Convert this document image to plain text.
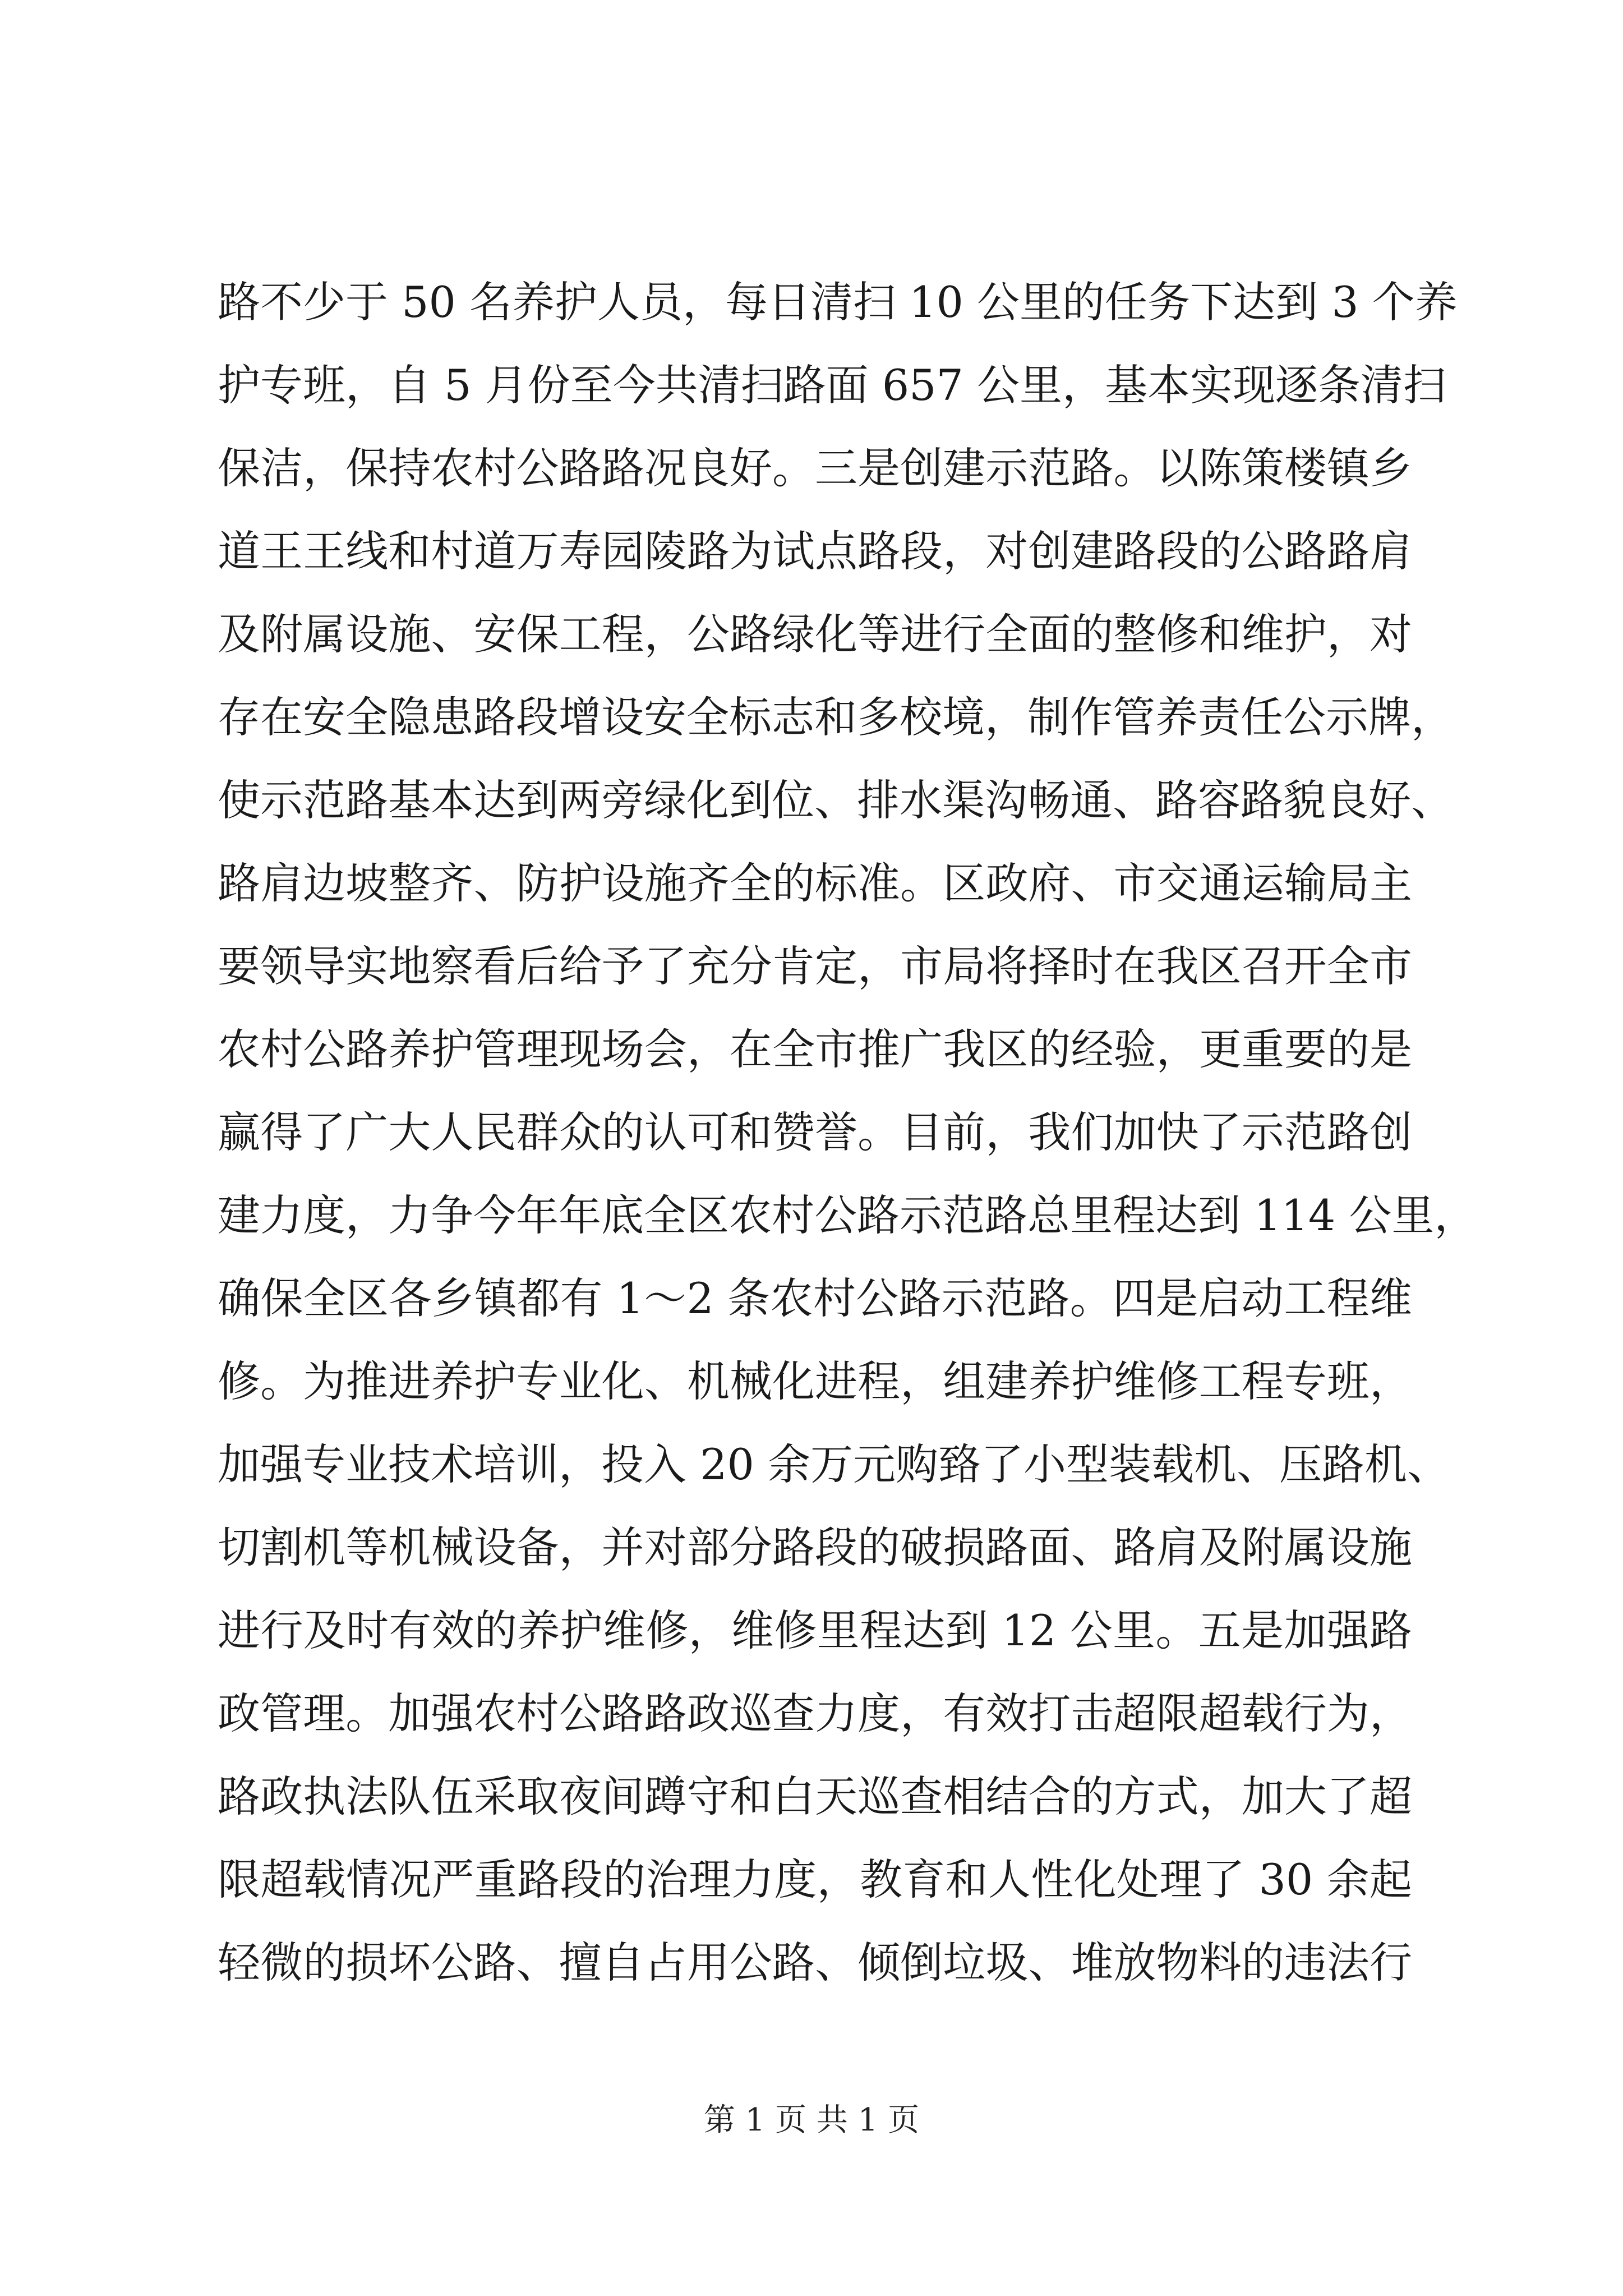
路不少于 50 名养护人员，每日清扫 10 公里的任务下达到 3 个养
护专班，自 5 月份至今共清扫路面 657 公里，基本实现逐条清扫
保洁，保持农村公路路况良好。三是创建示范路。以陈策楼镇乡
道王王线和村道万寿园陵路为试点路段，对创建路段的公路路肩
及附属设施、安保工程，公路绿化等进行全面的整修和维护，对
存在安全隐患路段增设安全标志和多校境，制作管养责任公示牌，
使示范路基本达到两旁绿化到位、排水渠沟畅通、路容路貌良好、
路肩边坡整齐、防护设施齐全的标准。区政府、市交通运输局主
要领导实地察看后给予了充分肯定，市局将择时在我区召开全市
农村公路养护管理现场会，在全市推广我区的经验，更重要的是
赢得了广大人民群众的认可和赞誉。目前，我们加快了示范路创
建力度，力争今年年底全区农村公路示范路总里程达到 114 公里，
确保全区各乡镇都有 1～2 条农村公路示范路。四是启动工程维
修。为推进养护专业化、机械化进程，组建养护维修工程专班，
加强专业技术培训，投入 20 余万元购臵了小型装载机、压路机、
切割机等机械设备，并对部分路段的破损路面、路肩及附属设施
进行及时有效的养护维修，维修里程达到 12 公里。五是加强路
政管理。加强农村公路路政巡查力度，有效打击超限超载行为，
路政执法队伍采取夜间蹲守和白天巡查相结合的方式，加大了超
限超载情况严重路段的治理力度，教育和人性化处理了 30 余起
轻微的损坏公路、擅自占用公路、倾倒垃圾、堆放物料的违法行
第 1 页 共 1 页
